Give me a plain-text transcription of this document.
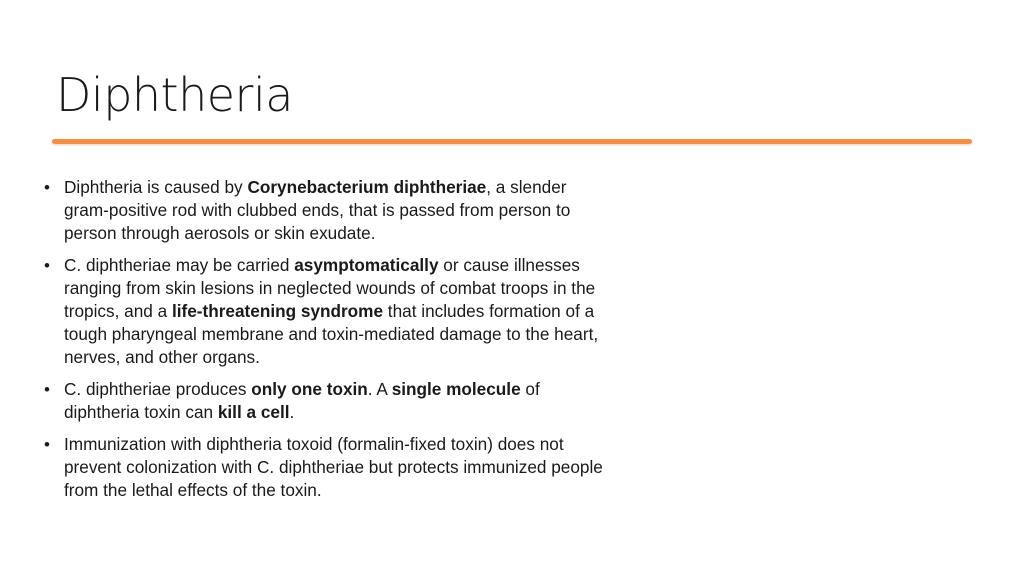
Diphtheria
• Diphtheria is caused by Corynebacterium diphtheriae, a slender gram-positive rod with clubbed ends, that is passed from person to person through aerosols or skin exudate.
• C. diphtheriae may be carried asymptomatically or cause illnesses ranging from skin lesions in neglected wounds of combat troops in the tropics, and a life-threatening syndrome that includes formation of a tough pharyngeal membrane and toxin-mediated damage to the heart, nerves, and other organs.
• C. diphtheriae produces only one toxin. A single molecule of diphtheria toxin can kill a cell.
• Immunization with diphtheria toxoid (formalin-fixed toxin) does not prevent colonization with C. diphtheriae but protects immunized people from the lethal effects of the toxin.
